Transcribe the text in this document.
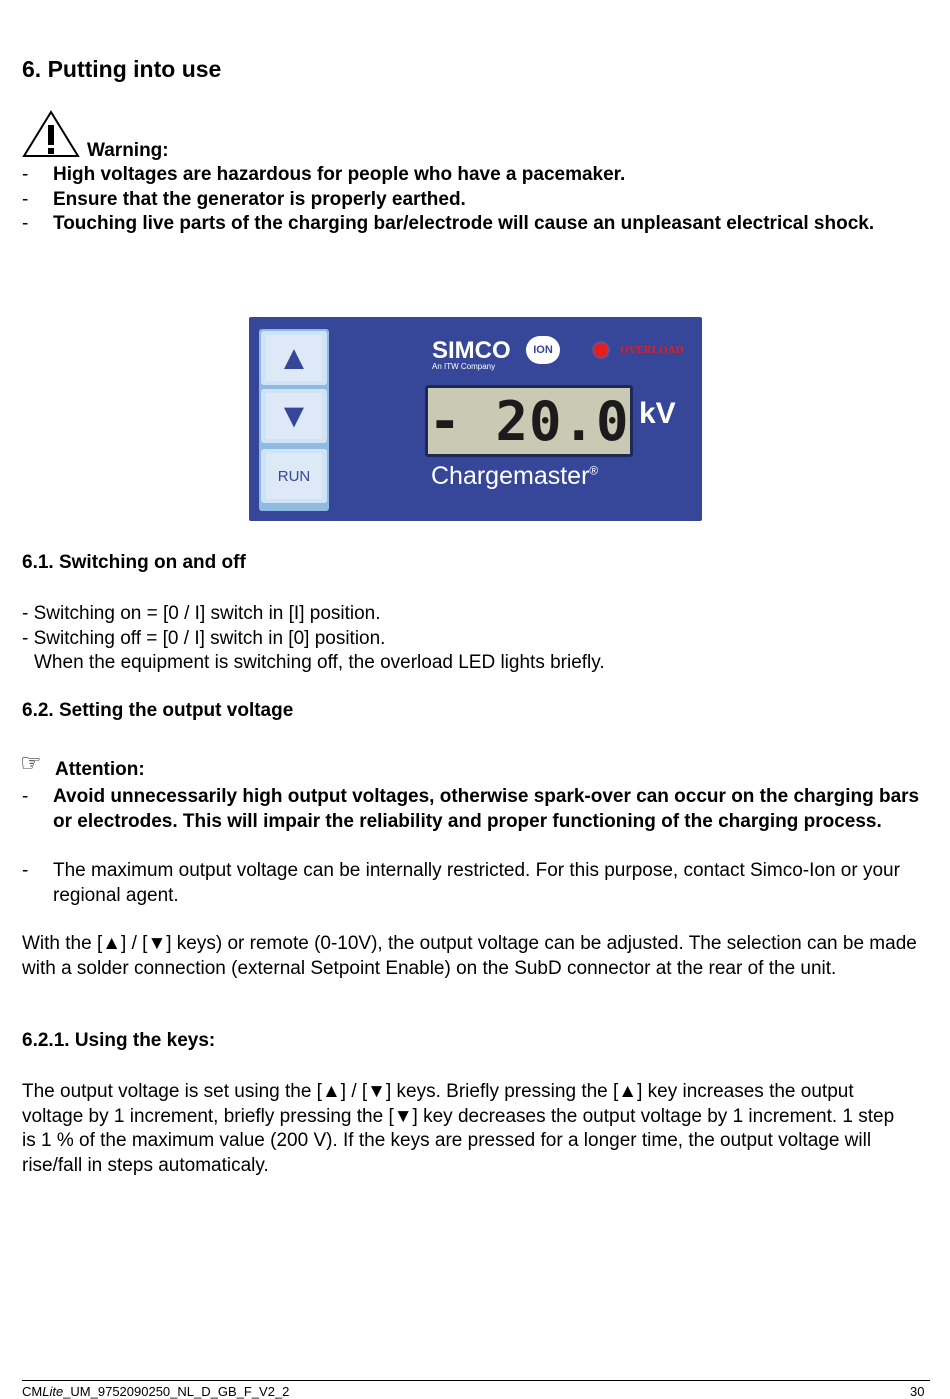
6. Putting into use
Warning:
- High voltages are hazardous for people who have a pacemaker.
- Ensure that the generator is properly earthed.
- Touching live parts of the charging bar/electrode will cause an unpleasant electrical shock.
▲
▼
RUN
SIMCO	ION
An ITW Company
OVERLOAD
- 20.0 kV
Chargemaster®
6.1. Switching on and off
- Switching on = [0 / I] switch in [I] position.
- Switching off = [0 / I] switch in [0] position.
When the equipment is switching off, the overload LED lights briefly.
6.2. Setting the output voltage
☞ Attention:
- Avoid unnecessarily high output voltages, otherwise spark-over can occur on the charging bars or electrodes. This will impair the reliability and proper functioning of the charging process.
- The maximum output voltage can be internally restricted. For this purpose, contact Simco-Ion or your regional agent.
With the [▲] / [▼] keys) or remote (0-10V), the output voltage can be adjusted. The selection can be made with a solder connection (external Setpoint Enable) on the SubD connector at the rear of the unit.
6.2.1. Using the keys:
The output voltage is set using the [▲] / [▼] keys. Briefly pressing the [▲] key increases the output voltage by 1 increment, briefly pressing the [▼] key decreases the output voltage by 1 increment. 1 step is 1 % of the maximum value (200 V). If the keys are pressed for a longer time, the output voltage will rise/fall in steps automaticaly.
CMLite_UM_9752090250_NL_D_GB_F_V2_2	30
